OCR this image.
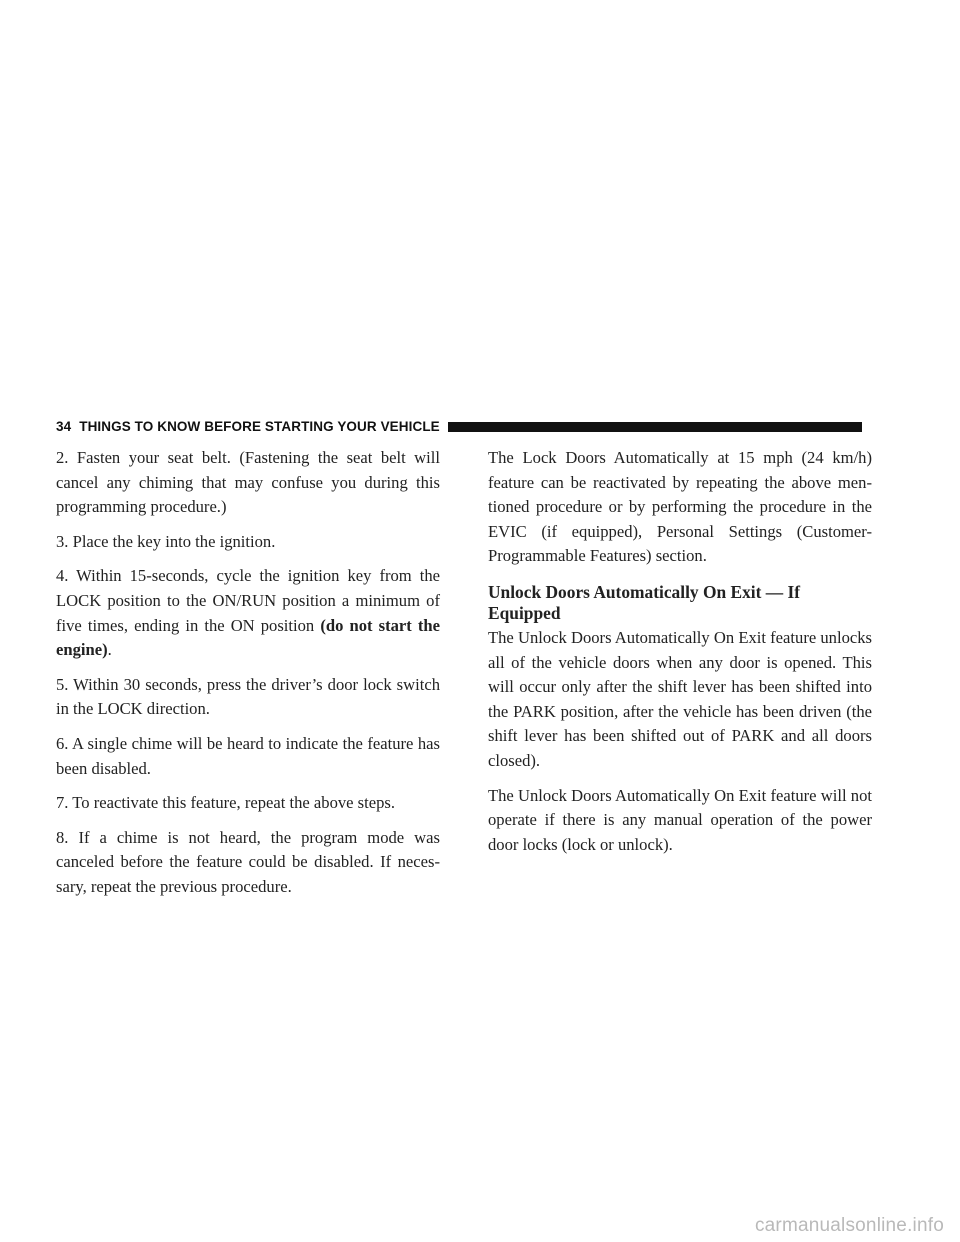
34 THINGS TO KNOW BEFORE STARTING YOUR VEHICLE

2. Fasten your seat belt. (Fastening the seat belt will cancel any chiming that may confuse you during this programming procedure.)

3. Place the key into the ignition.

4. Within 15-seconds, cycle the ignition key from the LOCK position to the ON/RUN position a minimum of five times, ending in the ON position (do not start the engine).

5. Within 30 seconds, press the driver’s door lock switch in the LOCK direction.

6. A single chime will be heard to indicate the feature has been disabled.

7. To reactivate this feature, repeat the above steps.

8. If a chime is not heard, the program mode was canceled before the feature could be disabled. If neces-sary, repeat the previous procedure.

The Lock Doors Automatically at 15 mph (24 km/h) feature can be reactivated by repeating the above men-tioned procedure or by performing the procedure in the EVIC (if equipped), Personal Settings (Customer-Programmable Features) section.

Unlock Doors Automatically On Exit — If Equipped

The Unlock Doors Automatically On Exit feature unlocks all of the vehicle doors when any door is opened. This will occur only after the shift lever has been shifted into the PARK position, after the vehicle has been driven (the shift lever has been shifted out of PARK and all doors closed).

The Unlock Doors Automatically On Exit feature will not operate if there is any manual operation of the power door locks (lock or unlock).

carmanualsonline.info
